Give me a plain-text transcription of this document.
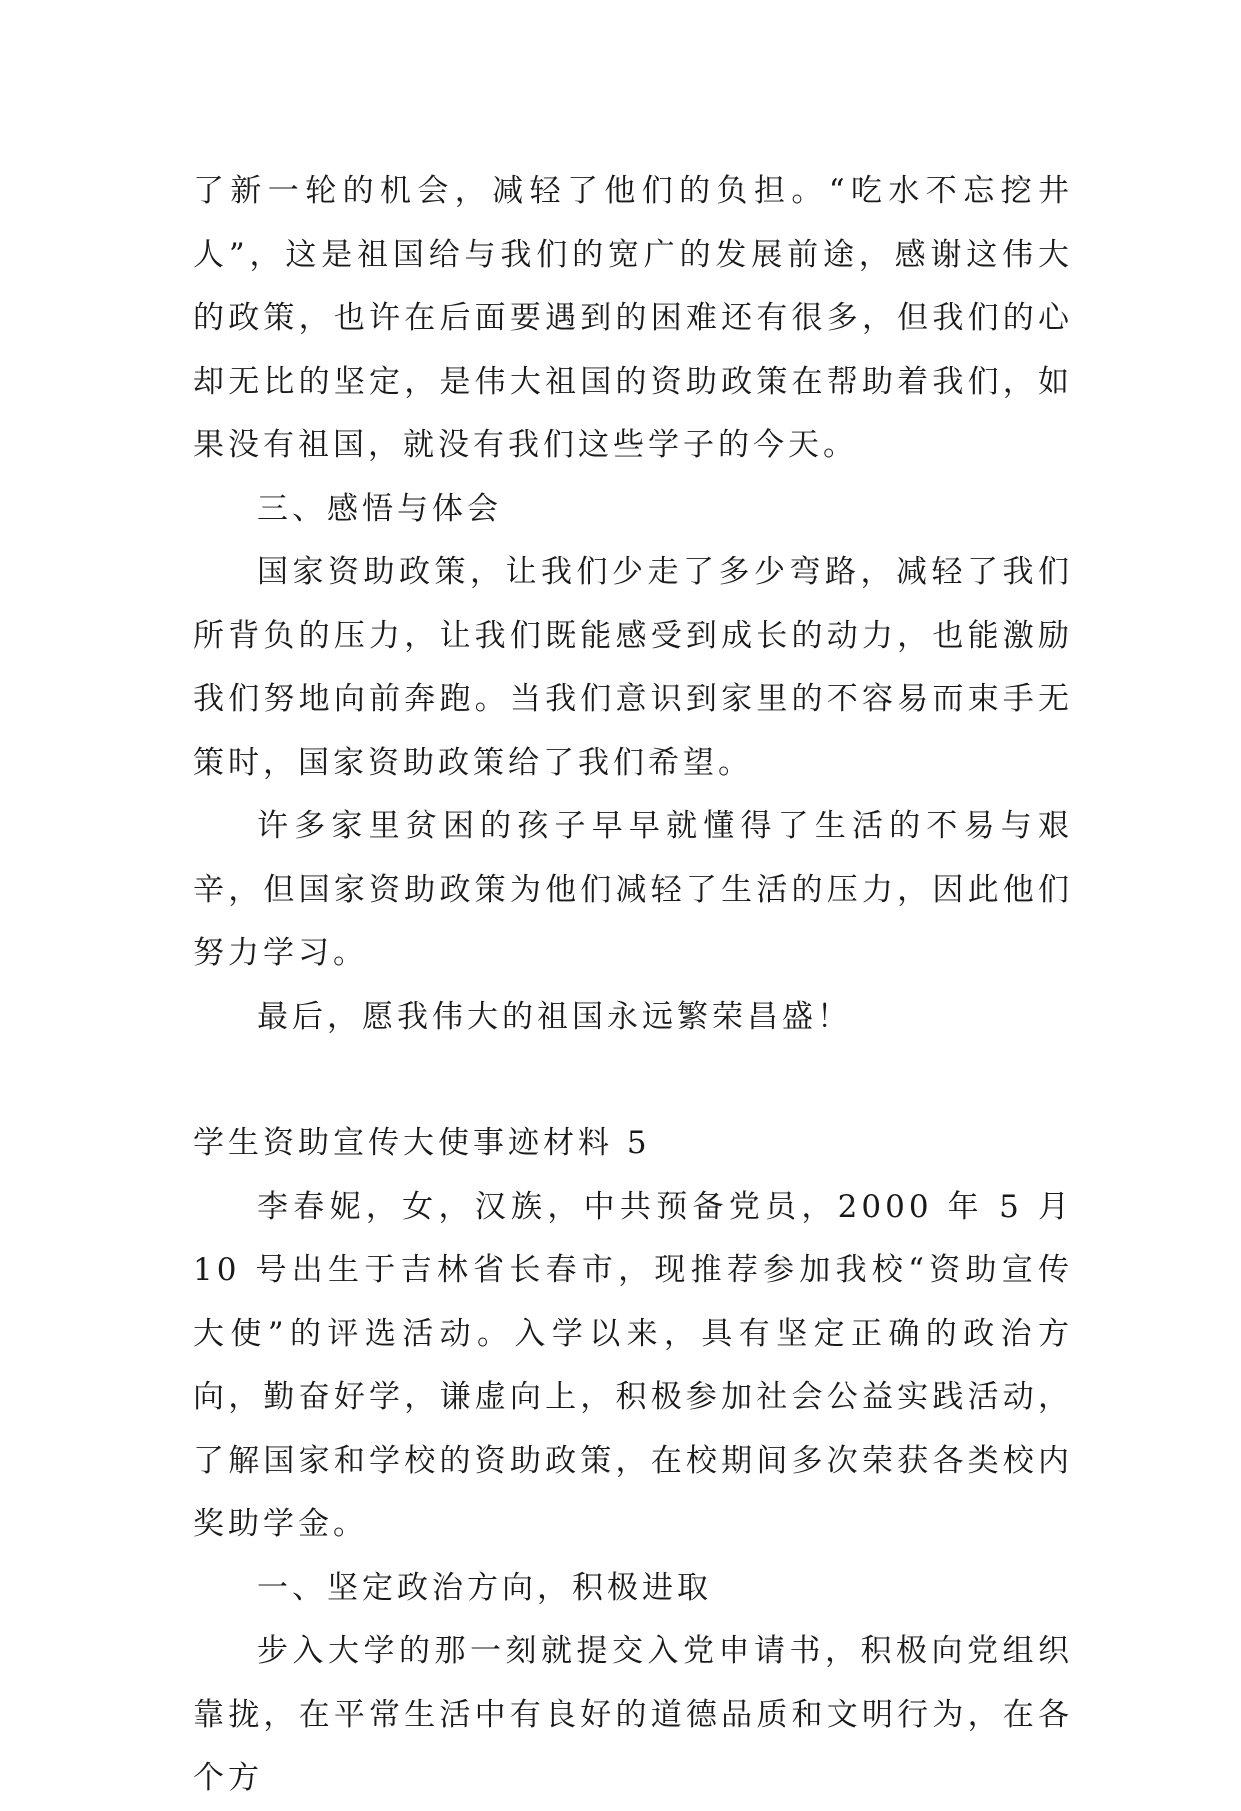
了新一轮的机会，减轻了他们的负担。“吃水不忘挖井人”，这是祖国给与我们的宽广的发展前途，感谢这伟大的政策，也许在后面要遇到的困难还有很多，但我们的心却无比的坚定，是伟大祖国的资助政策在帮助着我们，如果没有祖国，就没有我们这些学子的今天。

三、感悟与体会

国家资助政策，让我们少走了多少弯路，减轻了我们所背负的压力，让我们既能感受到成长的动力，也能激励我们努地向前奔跑。当我们意识到家里的不容易而束手无策时，国家资助政策给了我们希望。

许多家里贫困的孩子早早就懂得了生活的不易与艰辛，但国家资助政策为他们减轻了生活的压力，因此他们努力学习。

最后，愿我伟大的祖国永远繁荣昌盛！

学生资助宣传大使事迹材料 5

李春妮，女，汉族，中共预备党员，2000 年 5 月 10 号出生于吉林省长春市，现推荐参加我校“资助宣传大使”的评选活动。入学以来，具有坚定正确的政治方向，勤奋好学，谦虚向上，积极参加社会公益实践活动，了解国家和学校的资助政策，在校期间多次荣获各类校内奖助学金。

一、坚定政治方向，积极进取

步入大学的那一刻就提交入党申请书，积极向党组织靠拢，在平常生活中有良好的道德品质和文明行为，在各个方
